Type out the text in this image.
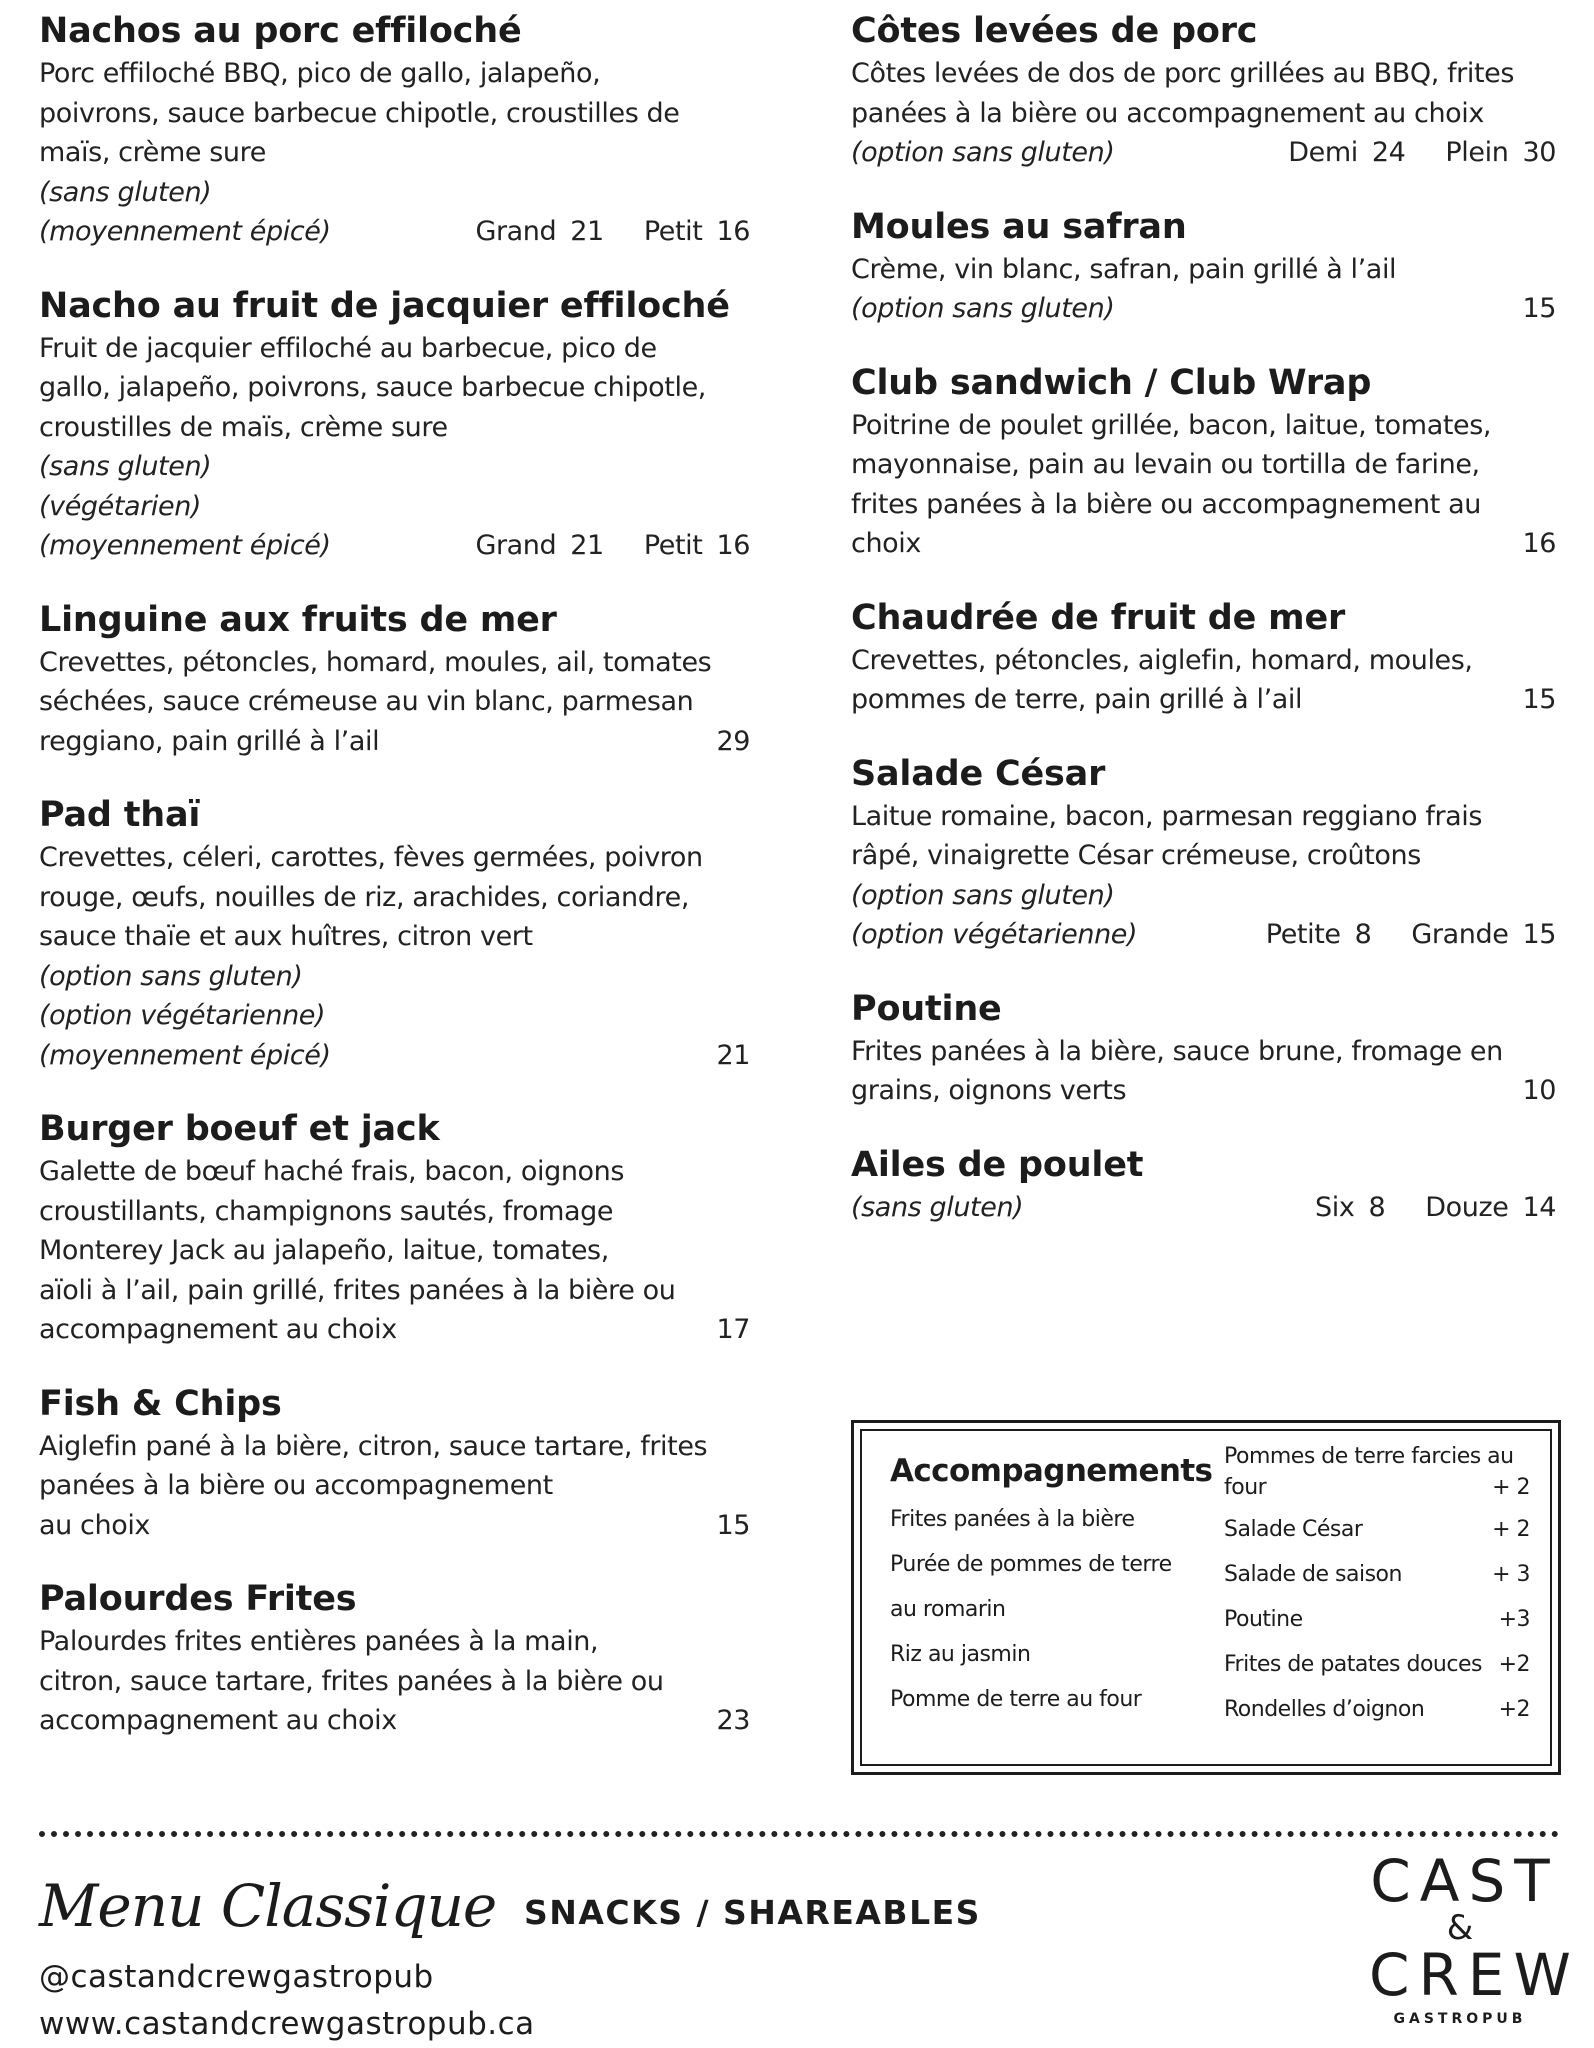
Nachos au porc effiloché
Porc effiloché BBQ, pico de gallo, jalapeño,
poivrons, sauce barbecue chipotle, croustilles de
maïs, crème sure
(sans gluten)
(moyennement épicé)	Grand 21 Petit 16
Nacho au fruit de jacquier effiloché
Fruit de jacquier effiloché au barbecue, pico de
gallo, jalapeño, poivrons, sauce barbecue chipotle,
croustilles de maïs, crème sure
(sans gluten)
(végétarien)
(moyennement épicé)	Grand 21 Petit 16
Linguine aux fruits de mer
Crevettes, pétoncles, homard, moules, ail, tomates
séchées, sauce crémeuse au vin blanc, parmesan
reggiano, pain grillé à l’ail	29
Pad thaï
Crevettes, céleri, carottes, fèves germées, poivron
rouge, œufs, nouilles de riz, arachides, coriandre,
sauce thaïe et aux huîtres, citron vert
(option sans gluten)
(option végétarienne)
(moyennement épicé)	21
Burger boeuf et jack
Galette de bœuf haché frais, bacon, oignons
croustillants, champignons sautés, fromage
Monterey Jack au jalapeño, laitue, tomates,
aïoli à l’ail, pain grillé, frites panées à la bière ou
accompagnement au choix	17
Fish & Chips
Aiglefin pané à la bière, citron, sauce tartare, frites
panées à la bière ou accompagnement
au choix	15
Palourdes Frites
Palourdes frites entières panées à la main,
citron, sauce tartare, frites panées à la bière ou
accompagnement au choix	23
Côtes levées de porc
Côtes levées de dos de porc grillées au BBQ, frites
panées à la bière ou accompagnement au choix
(option sans gluten)	Demi 24 Plein 30
Moules au safran
Crème, vin blanc, safran, pain grillé à l’ail
(option sans gluten)	15
Club sandwich / Club Wrap
Poitrine de poulet grillée, bacon, laitue, tomates,
mayonnaise, pain au levain ou tortilla de farine,
frites panées à la bière ou accompagnement au
choix	16
Chaudrée de fruit de mer
Crevettes, pétoncles, aiglefin, homard, moules,
pommes de terre, pain grillé à l’ail	15
Salade César
Laitue romaine, bacon, parmesan reggiano frais
râpé, vinaigrette César crémeuse, croûtons
(option sans gluten)
(option végétarienne)	Petite 8 Grande 15
Poutine
Frites panées à la bière, sauce brune, fromage en
grains, oignons verts	10
Ailes de poulet
(sans gluten)	Six 8 Douze 14
Accompagnements
Frites panées à la bière
Purée de pommes de terre
au romarin
Riz au jasmin
Pomme de terre au four
Pommes de terre farcies au
four	+ 2
Salade César	+ 2
Salade de saison	+ 3
Poutine	+3
Frites de patates douces +2
Rondelles d’oignon	+2
Menu Classique SNACKS / SHAREABLES
@castandcrewgastropub
www.castandcrewgastropub.ca
CAST
&
CREW
GASTROPUB
